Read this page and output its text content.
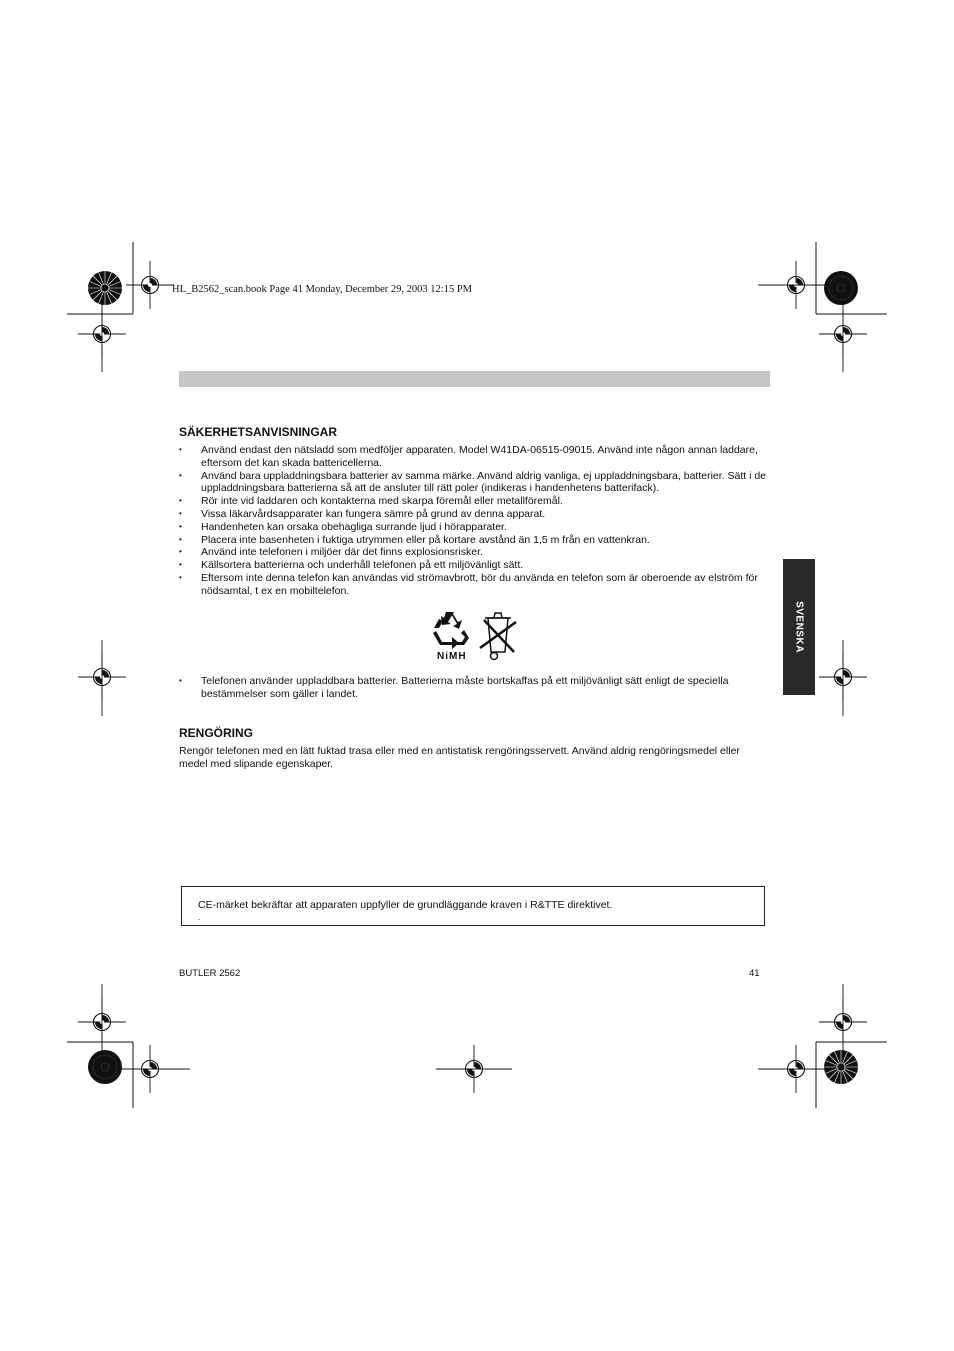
HL_B2562_scan.book Page 41 Monday, December 29, 2003 12:15 PM
SVENSKA
SÄKERHETSANVISNINGAR
• Använd endast den nätsladd som medföljer apparaten. Model W41DA-06515-09015. Använd inte någon annan laddare, eftersom det kan skada battericellerna.
• Använd bara uppladdningsbara batterier av samma märke. Använd aldrig vanliga, ej uppladdningsbara, batterier. Sätt i de uppladdningsbara batterierna så att de ansluter till rätt poler (indikeras i handenhetens batterifack).
• Rör inte vid laddaren och kontakterna med skarpa föremål eller metallföremål.
• Vissa läkarvårdsapparater kan fungera sämre på grund av denna apparat.
• Handenheten kan orsaka obehagliga surrande ljud i hörapparater.
• Placera inte basenheten i fuktiga utrymmen eller på kortare avstånd än 1,5 m från en vattenkran.
• Använd inte telefonen i miljöer där det finns explosionsrisker.
• Källsortera batterierna och underhåll telefonen på ett miljövänligt sätt.
• Eftersom inte denna telefon kan användas vid strömavbrott, bör du använda en telefon som är oberoende av elström för nödsamtal, t ex en mobiltelefon.
NiMH
• Telefonen använder uppladdbara batterier. Batterierna måste bortskaffas på ett miljövänligt sätt enligt de speciella bestämmelser som gäller i landet.
RENGÖRING
Rengör telefonen med en lätt fuktad trasa eller med en antistatisk rengöringsservett. Använd aldrig rengöringsmedel eller medel med slipande egenskaper.
CE-märket bekräftar att apparaten uppfyller de grundläggande kraven i R&TTE direktivet.
.
BUTLER 2562	41
